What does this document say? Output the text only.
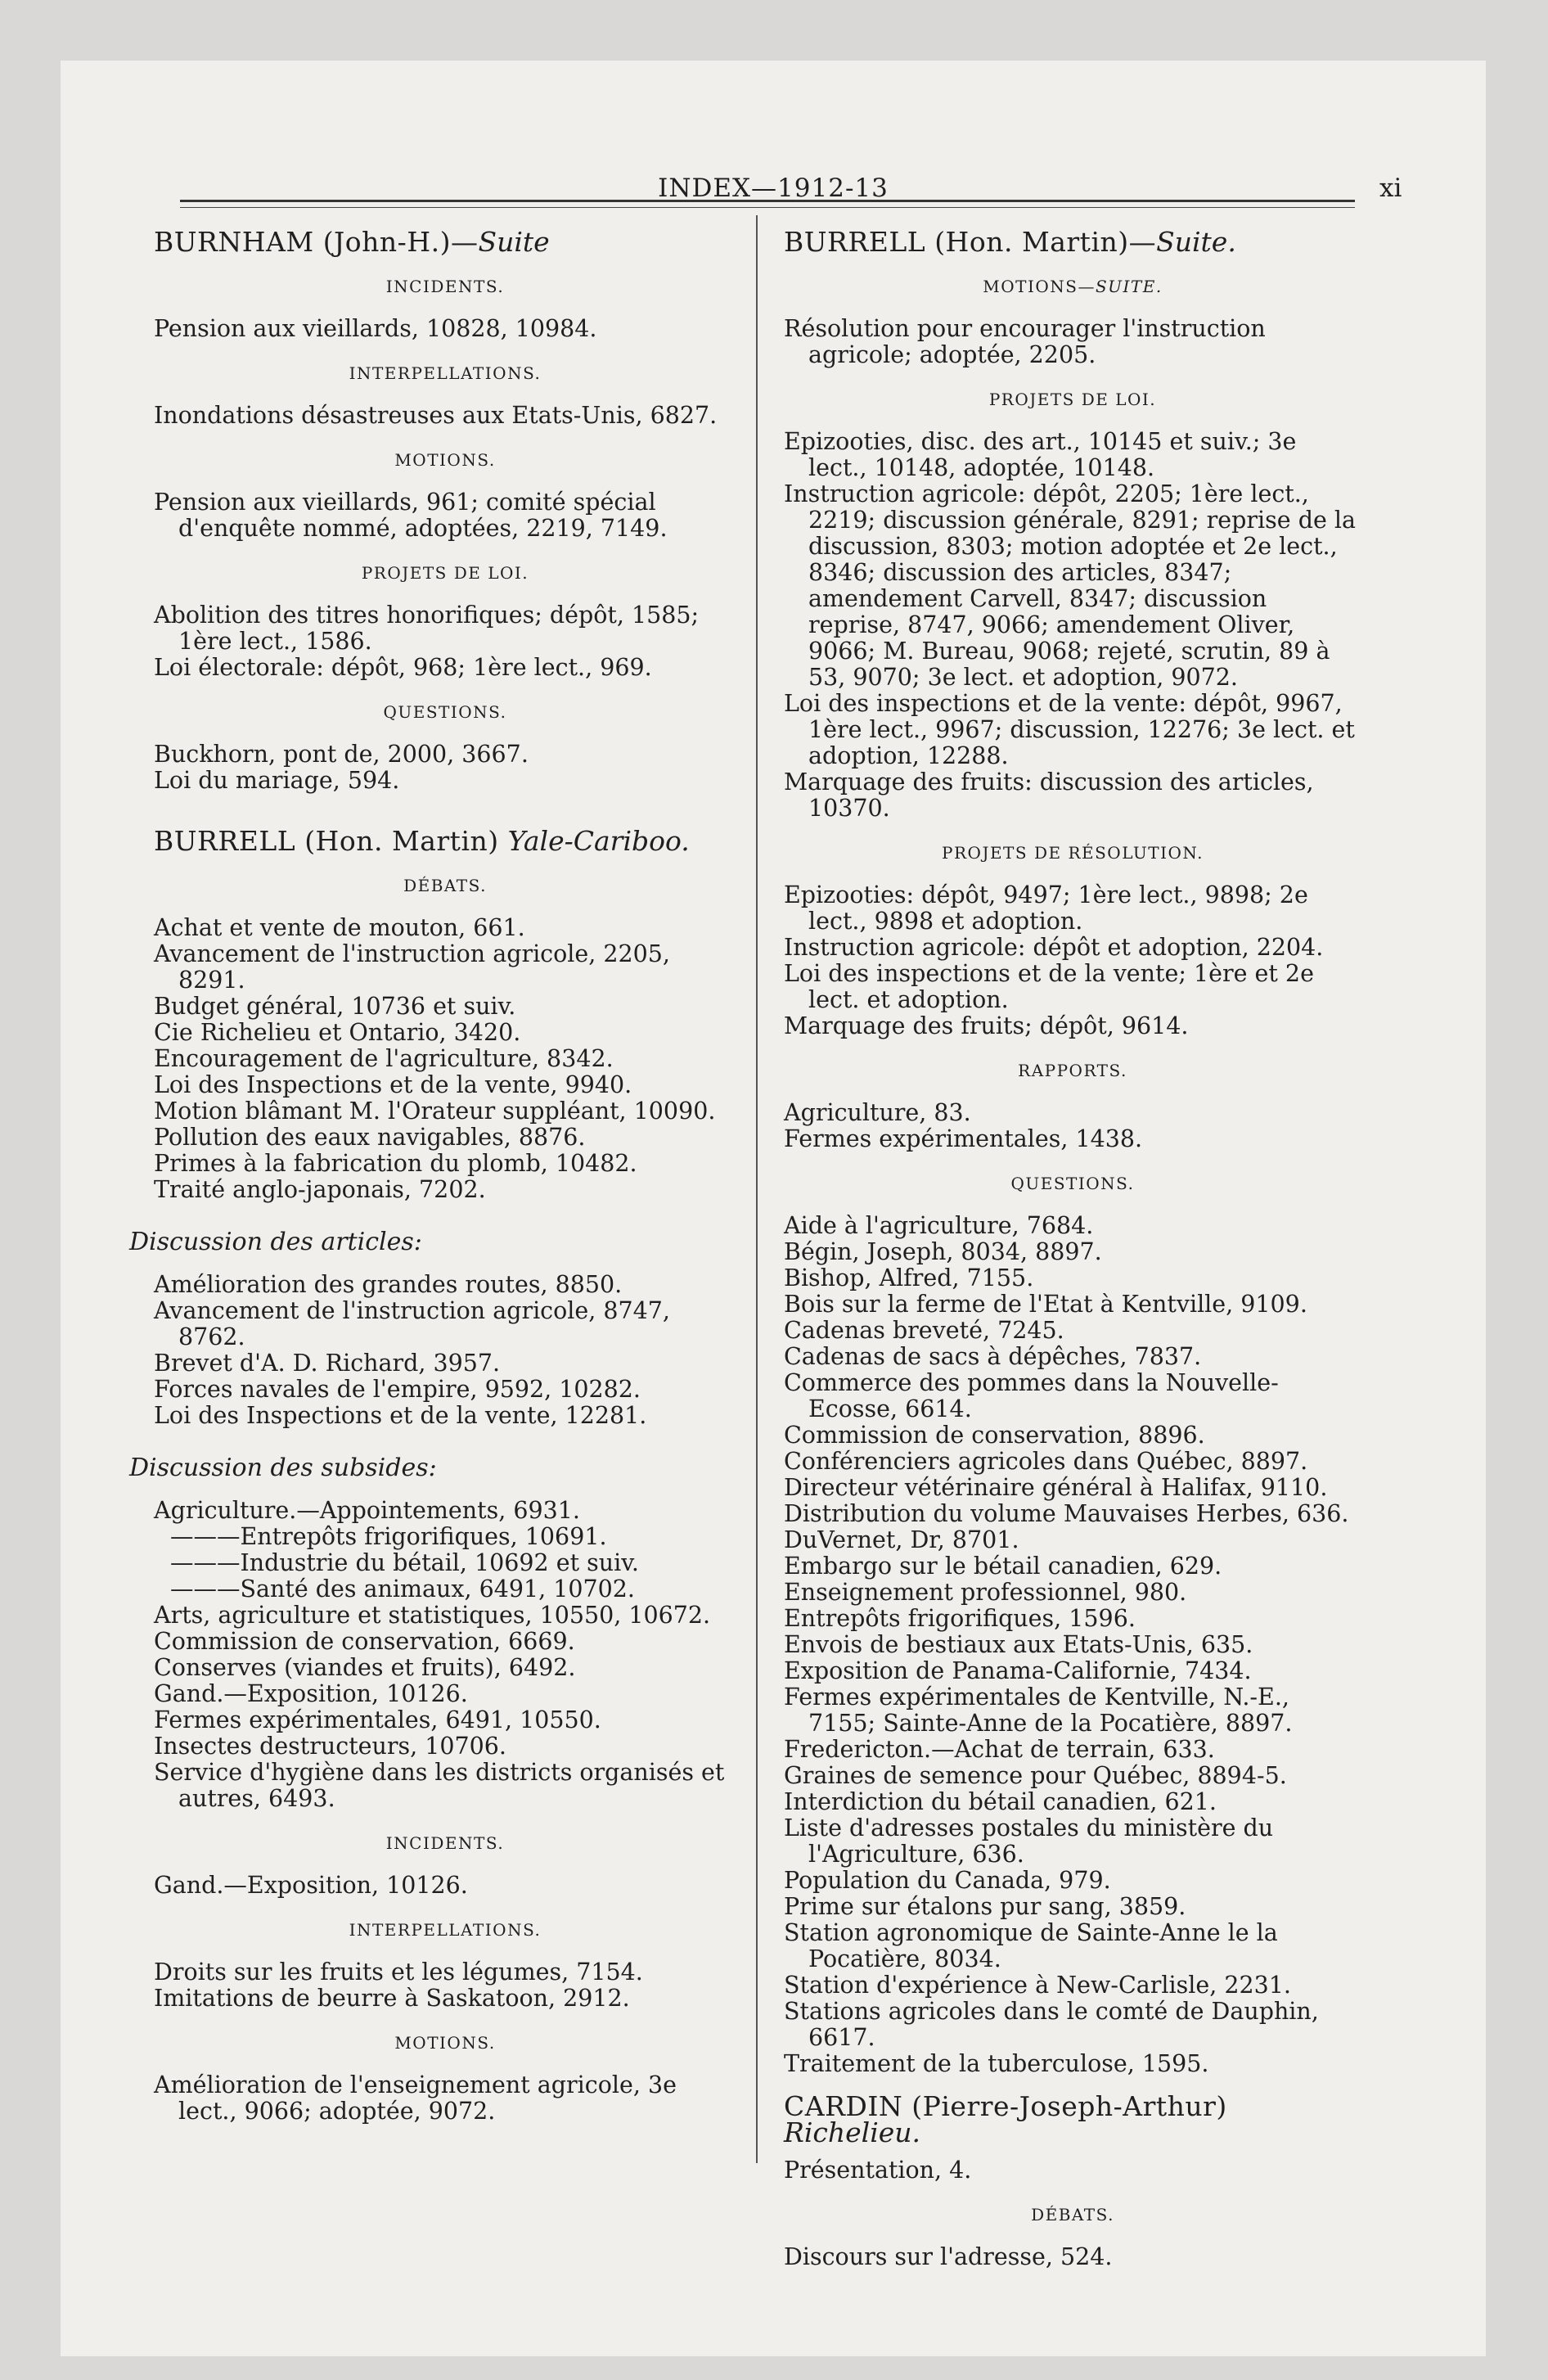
INDEX—1912-13	xi
BURNHAM (John-H.)—Suite
INCIDENTS.

Pension aux vieillards, 10828, 10984.

INTERPELLATIONS.

Inondations désastreuses aux Etats-Unis, 6827.

MOTIONS.

Pension aux vieillards, 961; comité spécial d'enquête nommé, adoptées, 2219, 7149.

PROJETS DE LOI.

Abolition des titres honorifiques; dépôt, 1585; 1ère lect., 1586.

Loi électorale: dépôt, 968; 1ère lect., 969.

QUESTIONS.

Buckhorn, pont de, 2000, 3667.

Loi du mariage, 594.

BURRELL (Hon. Martin) Yale-Cariboo.
DÉBATS.

Achat et vente de mouton, 661.

Avancement de l'instruction agricole, 2205, 8291.

Budget général, 10736 et suiv.

Cie Richelieu et Ontario, 3420.

Encouragement de l'agriculture, 8342.

Loi des Inspections et de la vente, 9940.

Motion blâmant M. l'Orateur suppléant, 10090.

Pollution des eaux navigables, 8876.

Primes à la fabrication du plomb, 10482.

Traité anglo-japonais, 7202.

Discussion des articles:

Amélioration des grandes routes, 8850.

Avancement de l'instruction agricole, 8747, 8762.

Brevet d'A. D. Richard, 3957.

Forces navales de l'empire, 9592, 10282.

Loi des Inspections et de la vente, 12281.

Discussion des subsides:

Agriculture.—Appointements, 6931.

———Entrepôts frigorifiques, 10691.

———Industrie du bétail, 10692 et suiv.

———Santé des animaux, 6491, 10702.

Arts, agriculture et statistiques, 10550, 10672.

Commission de conservation, 6669.

Conserves (viandes et fruits), 6492.

Gand.—Exposition, 10126.

Fermes expérimentales, 6491, 10550.

Insectes destructeurs, 10706.

Service d'hygiène dans les districts organisés et autres, 6493.

INCIDENTS.

Gand.—Exposition, 10126.

INTERPELLATIONS.

Droits sur les fruits et les légumes, 7154.

Imitations de beurre à Saskatoon, 2912.

MOTIONS.

Amélioration de l'enseignement agricole, 3e lect., 9066; adoptée, 9072.

BURRELL (Hon. Martin)—Suite.
MOTIONS—SUITE.

Résolution pour encourager l'instruction agricole; adoptée, 2205.

PROJETS DE LOI.

Epizooties, disc. des art., 10145 et suiv.; 3e lect., 10148, adoptée, 10148.

Instruction agricole: dépôt, 2205; 1ère lect., 2219; discussion générale, 8291; reprise de la discussion, 8303; motion adoptée et 2e lect., 8346; discussion des articles, 8347; amendement Carvell, 8347; discussion reprise, 8747, 9066; amendement Oliver, 9066; M. Bureau, 9068; rejeté, scrutin, 89 à 53, 9070; 3e lect. et adoption, 9072.

Loi des inspections et de la vente: dépôt, 9967, 1ère lect., 9967; discussion, 12276; 3e lect. et adoption, 12288.

Marquage des fruits: discussion des articles, 10370.

PROJETS DE RÉSOLUTION.

Epizooties: dépôt, 9497; 1ère lect., 9898; 2e lect., 9898 et adoption.

Instruction agricole: dépôt et adoption, 2204.

Loi des inspections et de la vente; 1ère et 2e lect. et adoption.

Marquage des fruits; dépôt, 9614.

RAPPORTS.

Agriculture, 83.

Fermes expérimentales, 1438.

QUESTIONS.

Aide à l'agriculture, 7684.

Bégin, Joseph, 8034, 8897.

Bishop, Alfred, 7155.

Bois sur la ferme de l'Etat à Kentville, 9109.

Cadenas breveté, 7245.

Cadenas de sacs à dépêches, 7837.

Commerce des pommes dans la Nouvelle-Ecosse, 6614.

Commission de conservation, 8896.

Conférenciers agricoles dans Québec, 8897.

Directeur vétérinaire général à Halifax, 9110.

Distribution du volume Mauvaises Herbes, 636.

DuVernet, Dr, 8701.

Embargo sur le bétail canadien, 629.

Enseignement professionnel, 980.

Entrepôts frigorifiques, 1596.

Envois de bestiaux aux Etats-Unis, 635.

Exposition de Panama-Californie, 7434.

Fermes expérimentales de Kentville, N.-E., 7155; Sainte-Anne de la Pocatière, 8897.

Fredericton.—Achat de terrain, 633.

Graines de semence pour Québec, 8894-5.

Interdiction du bétail canadien, 621.

Liste d'adresses postales du ministère du l'Agriculture, 636.

Population du Canada, 979.

Prime sur étalons pur sang, 3859.

Station agronomique de Sainte-Anne le la Pocatière, 8034.

Station d'expérience à New-Carlisle, 2231.

Stations agricoles dans le comté de Dauphin, 6617.

Traitement de la tuberculose, 1595.

CARDIN (Pierre-Joseph-Arthur) Richelieu.

Présentation, 4.

DÉBATS.

Discours sur l'adresse, 524.
